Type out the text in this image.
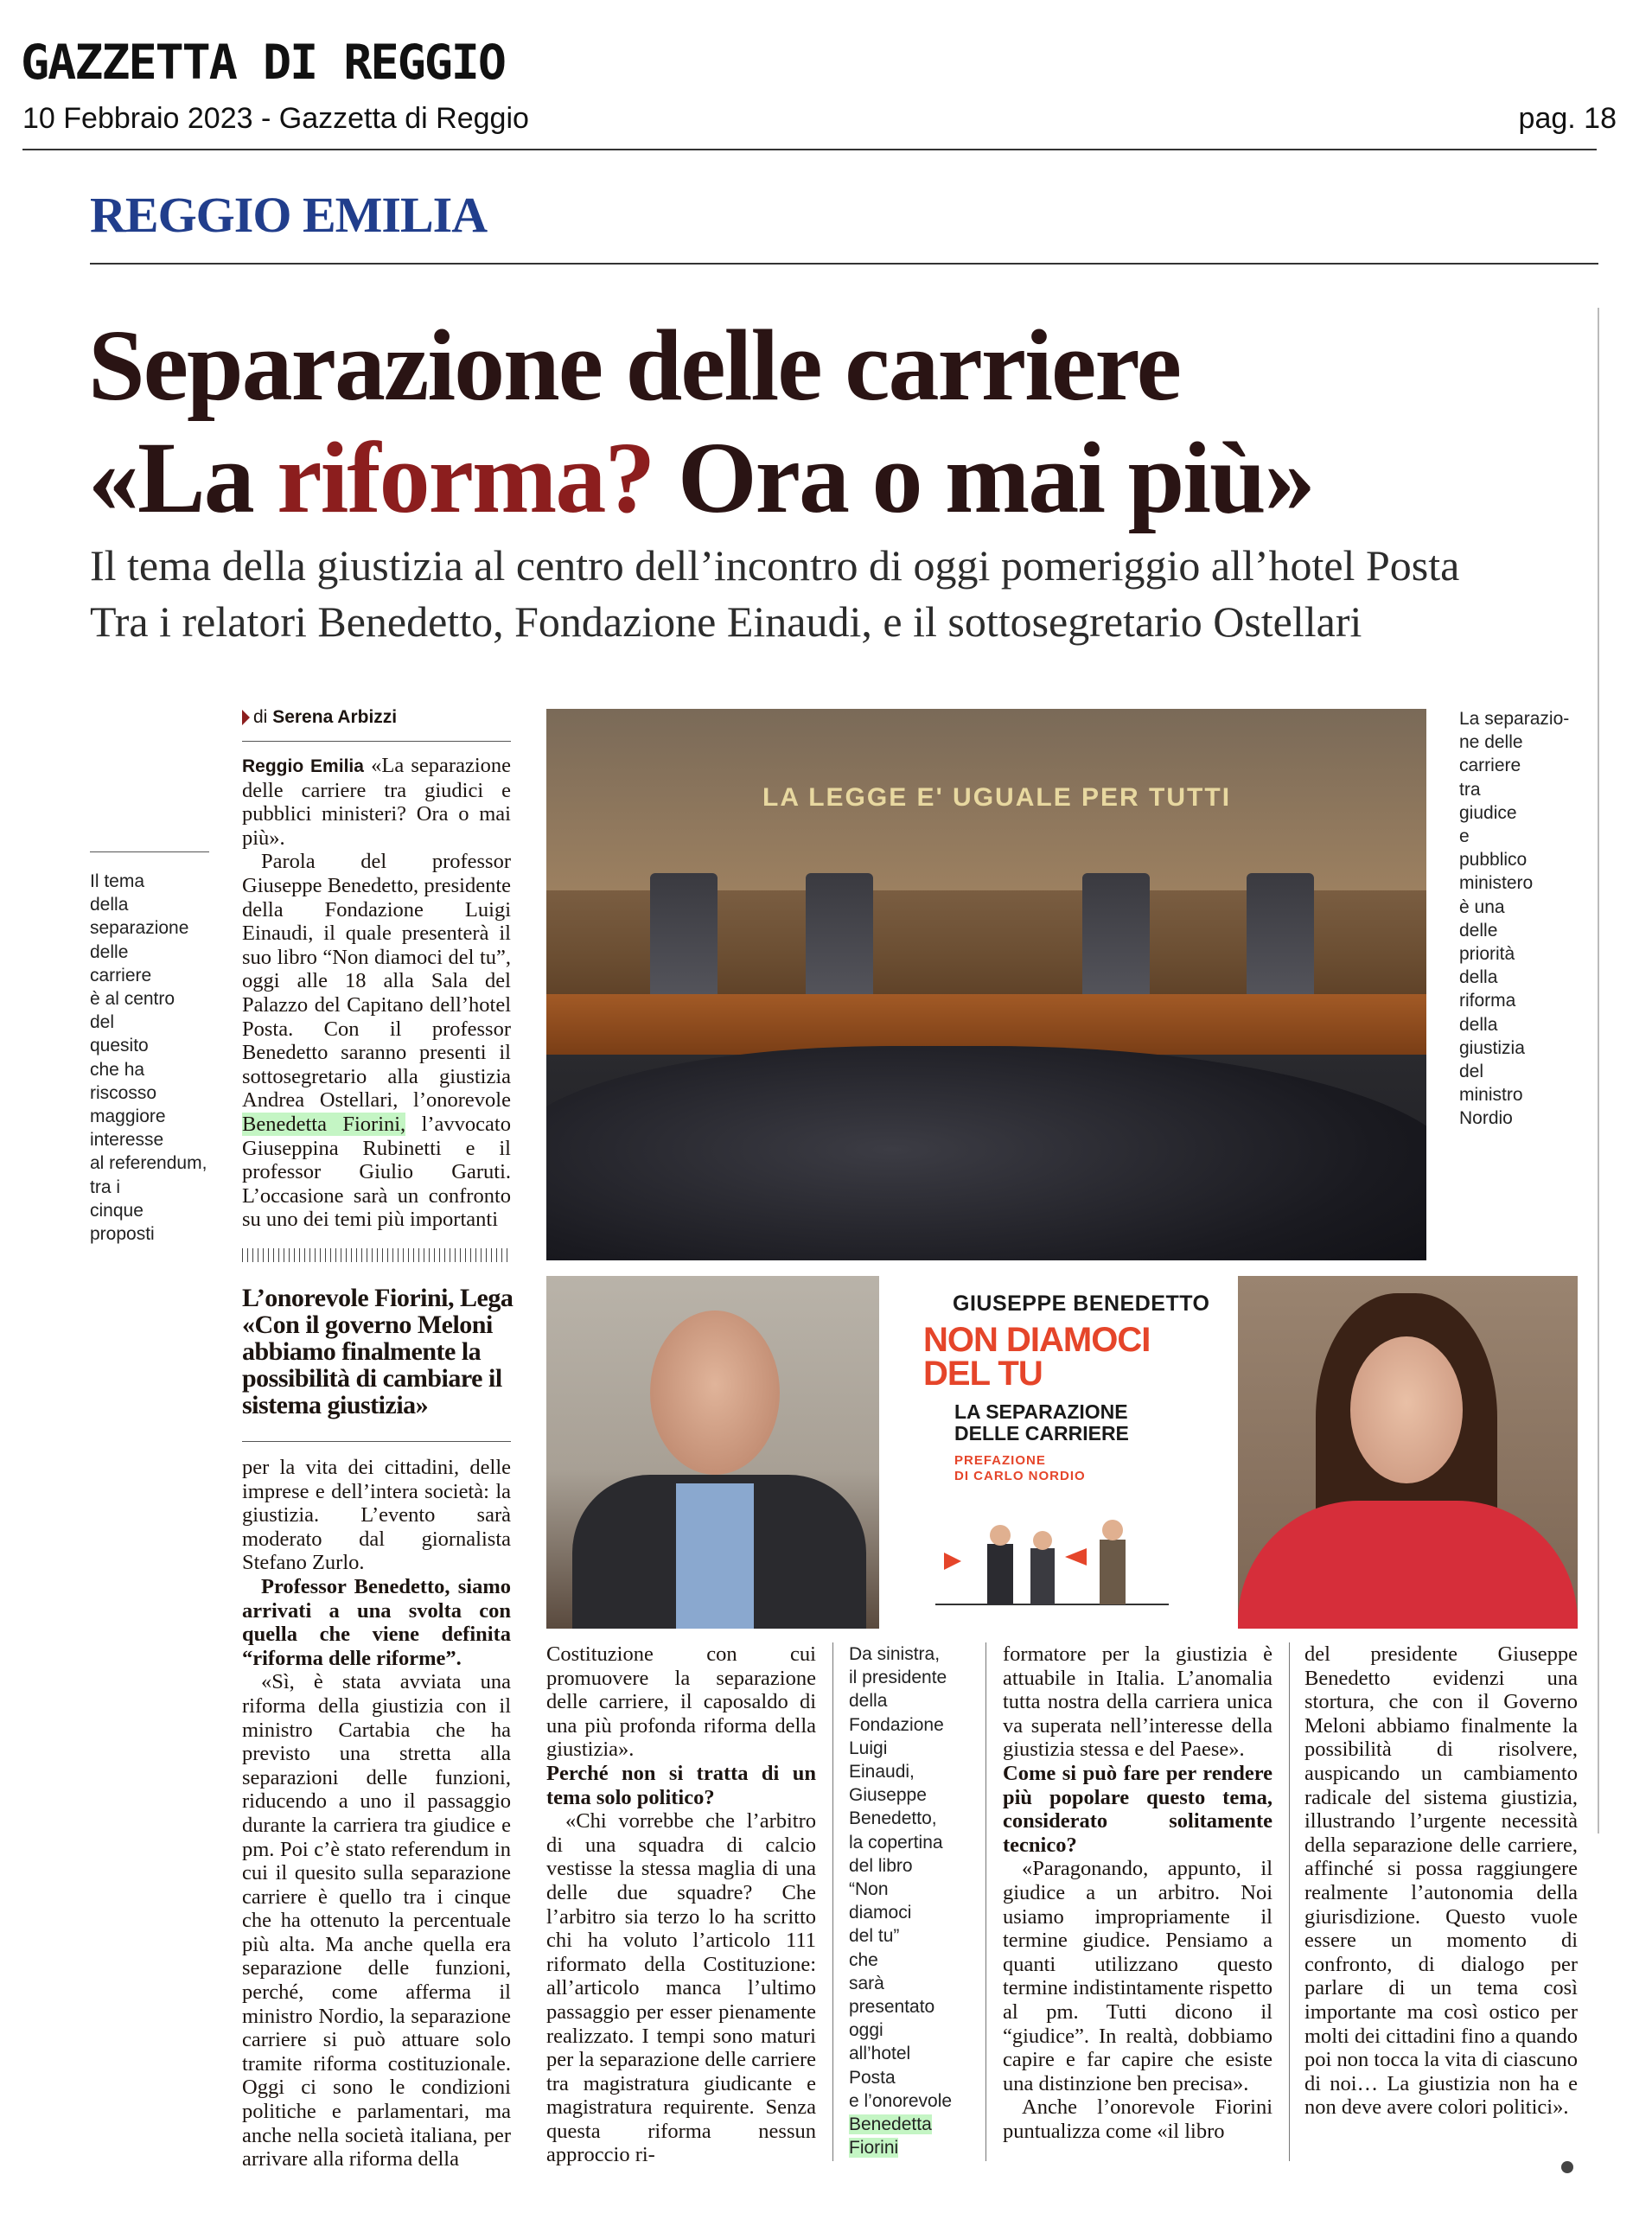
GAZZETTA DI REGGIO
10 Febbraio 2023 - Gazzetta di Reggio	pag. 18
REGGIO EMILIA
Separazione delle carriere
«La riforma? Ora o mai più»
Il tema della giustizia al centro dell’incontro di oggi pomeriggio all’hotel Posta
Tra i relatori Benedetto, Fondazione Einaudi, e il sottosegretario Ostellari
Il tema
della
separazione
delle
carriere
è al centro
del
quesito
che ha
riscosso
maggiore
interesse
al referendum,
tra i
cinque
proposti
di Serena Arbizzi

Reggio Emilia «La separazione delle carriere tra giudici e pubblici ministeri? Ora o mai più».

Parola del professor Giuseppe Benedetto, presidente della Fondazione Luigi Einaudi, il quale presenterà il suo libro “Non diamoci del tu”, oggi alle 18 alla Sala del Palazzo del Capitano dell’hotel Posta. Con il professor Benedetto saranno presenti il sottosegretario alla giustizia Andrea Ostellari, l’onorevole Benedetta Fiorini, l’avvocato Giuseppina Rubinetti e il professor Giulio Garuti. L’occasione sarà un confronto su uno dei temi più importanti

L’onorevole Fiorini, Lega «Con il governo Meloni abbiamo finalmente la possibilità di cambiare il sistema giustizia»

per la vita dei cittadini, delle imprese e dell’intera società: la giustizia. L’evento sarà moderato dal giornalista Stefano Zurlo.

Professor Benedetto, siamo arrivati a una svolta con quella che viene definita “riforma delle riforme”.

«Sì, è stata avviata una riforma della giustizia con il ministro Cartabia che ha previsto una stretta alla separazioni delle funzioni, riducendo a uno il passaggio durante la carriera tra giudice e pm. Poi c’è stato referendum in cui il quesito sulla separazione carriere è quello tra i cinque che ha ottenuto la percentuale più alta. Ma anche quella era separazione delle funzioni, perché, come afferma il ministro Nordio, la separazione carriere si può attuare solo tramite riforma costituzionale. Oggi ci sono le condizioni politiche e parlamentari, ma anche nella società italiana, per arrivare alla riforma della

LA LEGGE E' UGUALE PER TUTTI
La separazio-
ne delle
carriere
tra
giudice
e
pubblico
ministero
è una
delle
priorità
della
riforma
della
giustizia
del
ministro
Nordio
GIUSEPPE BENEDETTO
NON DIAMOCI
DEL TU
LA SEPARAZIONE
DELLE CARRIERE
PREFAZIONE
DI CARLO NORDIO

Costituzione con cui promuovere la separazione delle carriere, il caposaldo di una più profonda riforma della giustizia».

Perché non si tratta di un tema solo politico?

«Chi vorrebbe che l’arbitro di una squadra di calcio vestisse la stessa maglia di una delle due squadre? Che l’arbitro sia terzo lo ha scritto chi ha voluto l’articolo 111 riformato della Costituzione: all’articolo manca l’ultimo passaggio per esser pienamente realizzato. I tempi sono maturi per la separazione delle carriere tra magistratura giudicante e magistratura requirente. Senza questa riforma nessun approccio ri-

Da sinistra,
il presidente
della
Fondazione
Luigi
Einaudi,
Giuseppe
Benedetto,
la copertina
del libro
“Non
diamoci
del tu”
che
sarà
presentato
oggi
all’hotel
Posta
e l’onorevole
Benedetta
Fiorini

formatore per la giustizia è attuabile in Italia. L’anomalia tutta nostra della carriera unica va superata nell’interesse della giustizia stessa e del Paese».

Come si può fare per rendere più popolare questo tema, considerato solitamente tecnico?

«Paragonando, appunto, il giudice a un arbitro. Noi usiamo impropriamente il termine giudice. Pensiamo a quanti utilizzano questo termine indistintamente rispetto al pm. Tutti dicono il “giudice”. In realtà, dobbiamo capire e far capire che esiste una distinzione ben precisa».

Anche l’onorevole Fiorini puntualizza come «il libro

del presidente Giuseppe Benedetto evidenzi una stortura, che con il Governo Meloni abbiamo finalmente la possibilità di risolvere, auspicando un cambiamento radicale del sistema giustizia, illustrando l’urgente necessità della separazione delle carriere, affinché si possa raggiungere realmente l’autonomia della giurisdizione. Questo vuole essere un momento di confronto, di dialogo per parlare di un tema così importante ma così ostico per molti dei cittadini fino a quando poi non tocca la vita di ciascuno di noi… La giustizia non ha e non deve avere colori politici».
